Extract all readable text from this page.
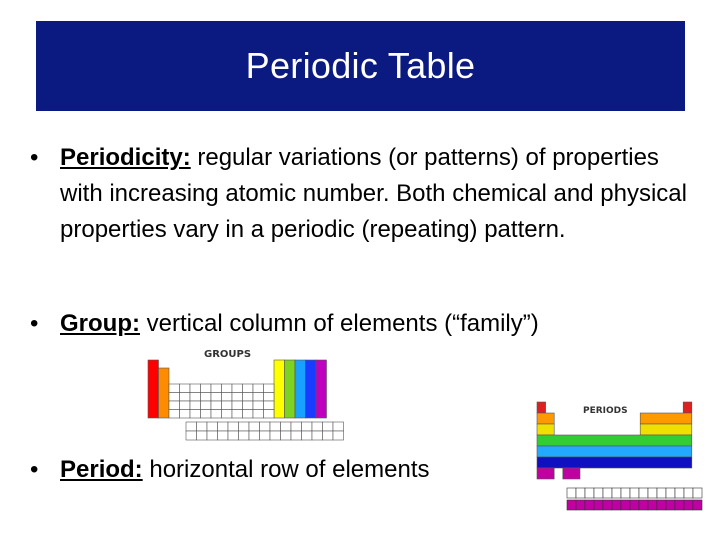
Periodic Table
• Periodicity: regular variations (or patterns) of properties with increasing atomic number. Both chemical and physical properties vary in a periodic (repeating) pattern.
• Group: vertical column of elements (“family”)
• Period: horizontal row of elements
GROUPS
PERIODS
